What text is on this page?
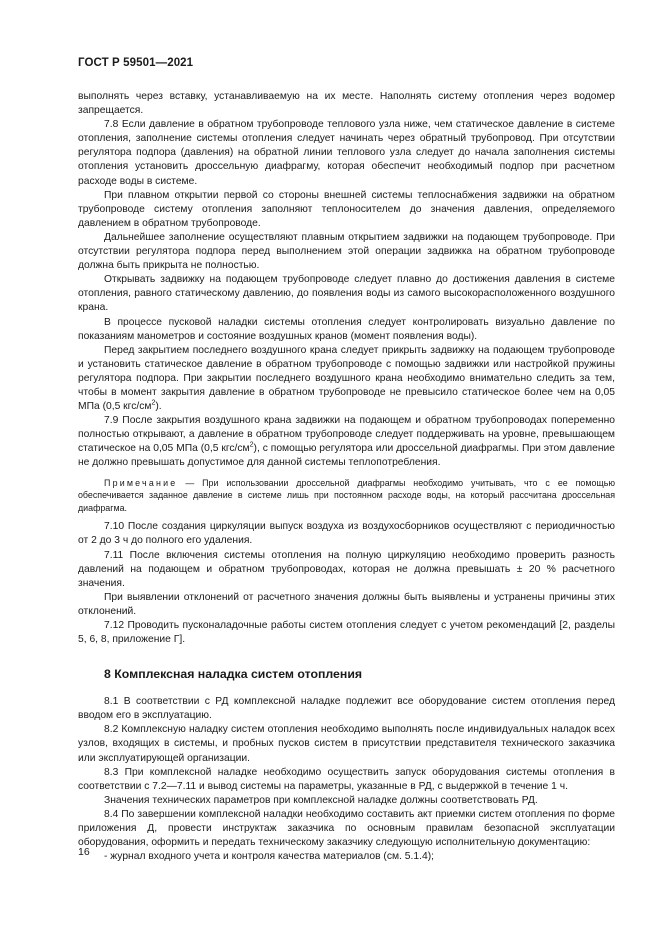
ГОСТ Р 59501—2021

выполнять через вставку, устанавливаемую на их месте. Наполнять систему отопления через водомер запрещается.

7.8 Если давление в обратном трубопроводе теплового узла ниже, чем статическое давление в системе отопления, заполнение системы отопления следует начинать через обратный трубопровод. При отсутствии регулятора подпора (давления) на обратной линии теплового узла следует до начала заполнения системы отопления установить дроссельную диафрагму, которая обеспечит необходимый подпор при расчетном расходе воды в системе.

При плавном открытии первой со стороны внешней системы теплоснабжения задвижки на обратном трубопроводе систему отопления заполняют теплоносителем до значения давления, определяемого давлением в обратном трубопроводе.

Дальнейшее заполнение осуществляют плавным открытием задвижки на подающем трубопроводе. При отсутствии регулятора подпора перед выполнением этой операции задвижка на обратном трубопроводе должна быть прикрыта не полностью.

Открывать задвижку на подающем трубопроводе следует плавно до достижения давления в системе отопления, равного статическому давлению, до появления воды из самого высокорасположенного воздушного крана.

В процессе пусковой наладки системы отопления следует контролировать визуально давление по показаниям манометров и состояние воздушных кранов (момент появления воды).

Перед закрытием последнего воздушного крана следует прикрыть задвижку на подающем трубопроводе и установить статическое давление в обратном трубопроводе с помощью задвижки или настройкой пружины регулятора подпора. При закрытии последнего воздушного крана необходимо внимательно следить за тем, чтобы в момент закрытия давление в обратном трубопроводе не превысило статическое более чем на 0,05 МПа (0,5 кгс/$см^2$).

7.9 После закрытия воздушного крана задвижки на подающем и обратном трубопроводах попеременно полностью открывают, а давление в обратном трубопроводе следует поддерживать на уровне, превышающем статическое на 0,05 МПа (0,5 кгс/$см^2$), с помощью регулятора или дроссельной диафрагмы. При этом давление не должно превышать допустимое для данной системы теплопотребления.

Примечание — При использовании дроссельной диафрагмы необходимо учитывать, что с ее помощью обеспечивается заданное давление в системе лишь при постоянном расходе воды, на который рассчитана дроссельная диафрагма.

7.10 После создания циркуляции выпуск воздуха из воздухосборников осуществляют с периодичностью от 2 до 3 ч до полного его удаления.

7.11 После включения системы отопления на полную циркуляцию необходимо проверить разность давлений на подающем и обратном трубопроводах, которая не должна превышать ± 20 % расчетного значения.

При выявлении отклонений от расчетного значения должны быть выявлены и устранены причины этих отклонений.

7.12 Проводить пусконаладочные работы систем отопления следует с учетом рекомендаций [2, разделы 5, 6, 8, приложение Г].

8 Комплексная наладка систем отопления

8.1 В соответствии с РД комплексной наладке подлежит все оборудование систем отопления перед вводом его в эксплуатацию.

8.2 Комплексную наладку систем отопления необходимо выполнять после индивидуальных наладок всех узлов, входящих в системы, и пробных пусков систем в присутствии представителя технического заказчика или эксплуатирующей организации.

8.3 При комплексной наладке необходимо осуществить запуск оборудования системы отопления в соответствии с 7.2—7.11 и вывод системы на параметры, указанные в РД, с выдержкой в течение 1 ч.

Значения технических параметров при комплексной наладке должны соответствовать РД.

8.4 По завершении комплексной наладки необходимо составить акт приемки систем отопления по форме приложения Д, провести инструктаж заказчика по основным правилам безопасной эксплуатации оборудования, оформить и передать техническому заказчику следующую исполнительную документацию:

- журнал входного учета и контроля качества материалов (см. 5.1.4);

16
